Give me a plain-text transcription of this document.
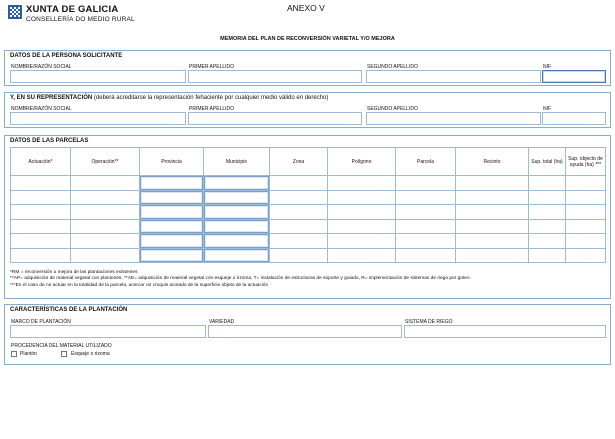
XUNTA DE GALICIA
CONSELLERÍA DO MEDIO RURAL
ANEXO V
MEMORIA DEL PLAN DE RECONVERSIÓN VARIETAL Y/O MEJORA
DATOS DE LA PERSONA SOLICITANTE
NOMBRE/RAZÓN SOCIAL	PRIMER APELLIDO	SEGUNDO APELLIDO	NIF
Y, EN SU REPRESENTACIÓN (deberá acreditarse la representación fehaciente por cualquier medio válido en derecho)
NOMBRE/RAZÓN SOCIAL	PRIMER APELLIDO	SEGUNDO APELLIDO	NIF
DATOS DE LAS PARCELAS
Actuación*	Operación**	Provincia	Municipio	Zona	Polígono	Parcela	Recinto	Sup. total (ha)	Sup. objecto de ayuda (ha) ***

*RM = reconversión o mejora de las plantaciones existentes
**AP= adquisición de material vegetal con plantones, **AE= adquisición de material vegetal con esqueje o rizoma, T= instalación de estructuras de soporte y guiado, R= implementación de sistemas de riego por goteo
***En el caso de no actuar en la totalidad de la parcela, acercar un croquis acotado de la superficie objeto de la actuación
CARACTERÍSTICAS DE LA PLANTACIÓN
MARCO DE PLANTACIÓN	VARIEDAD	SISTEMA DE RIEGO
PROCEDENCIA DEL MATERIAL UTILIZADO
Plantón	Esqueje o rizoma
